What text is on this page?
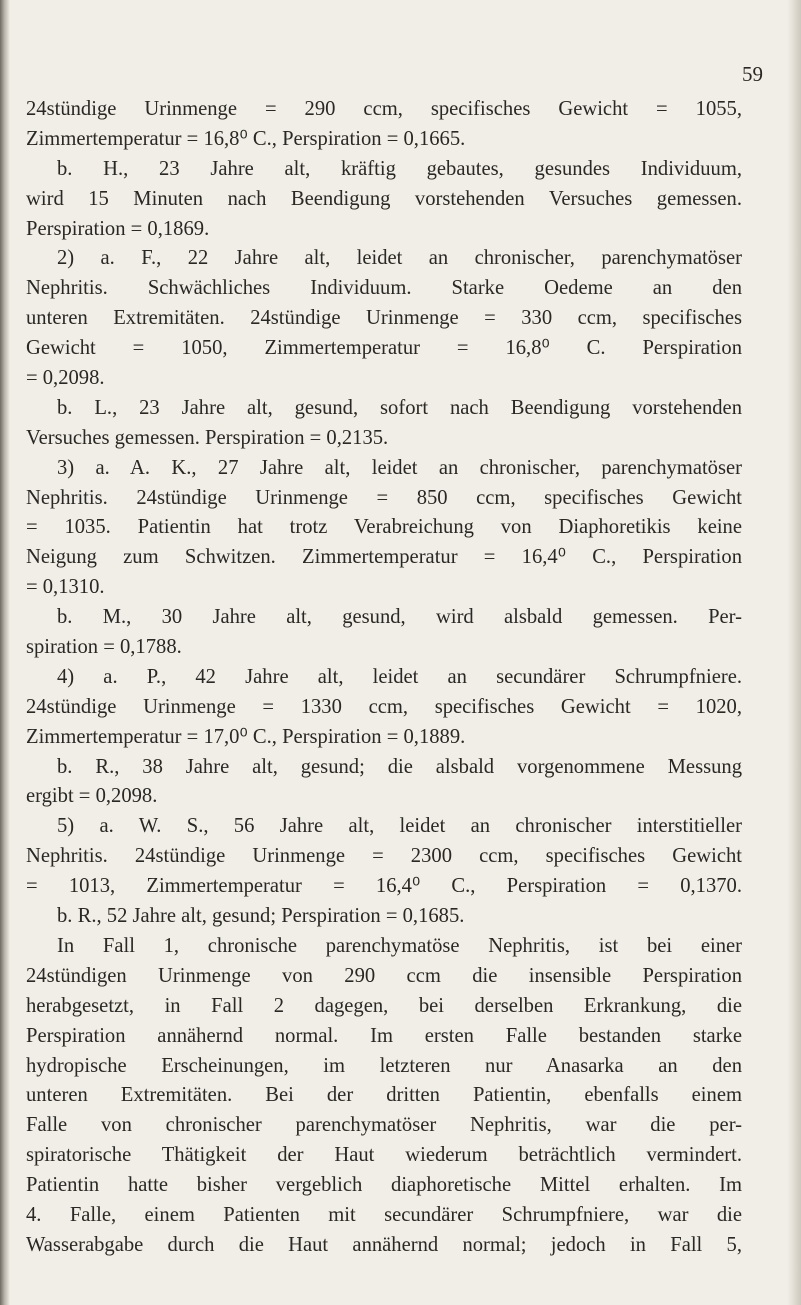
59
24stündige Urinmenge = 290 ccm, specifisches Gewicht = 1055,
Zimmertemperatur = 16,8⁰ C., Perspiration = 0,1665.
b. H., 23 Jahre alt, kräftig gebautes, gesundes Individuum,
wird 15 Minuten nach Beendigung vorstehenden Versuches gemessen.
Perspiration = 0,1869.
2) a. F., 22 Jahre alt, leidet an chronischer, parenchymatöser
Nephritis. Schwächliches Individuum. Starke Oedeme an den
unteren Extremitäten. 24stündige Urinmenge = 330 ccm, specifisches
Gewicht = 1050, Zimmertemperatur = 16,8⁰ C. Perspiration
= 0,2098.
b. L., 23 Jahre alt, gesund, sofort nach Beendigung vorstehenden
Versuches gemessen. Perspiration = 0,2135.
3) a. A. K., 27 Jahre alt, leidet an chronischer, parenchymatöser
Nephritis. 24stündige Urinmenge = 850 ccm, specifisches Gewicht
= 1035. Patientin hat trotz Verabreichung von Diaphoretikis keine
Neigung zum Schwitzen. Zimmertemperatur = 16,4⁰ C., Perspiration
= 0,1310.
b. M., 30 Jahre alt, gesund, wird alsbald gemessen. Per-
spiration = 0,1788.
4) a. P., 42 Jahre alt, leidet an secundärer Schrumpfniere.
24stündige Urinmenge = 1330 ccm, specifisches Gewicht = 1020,
Zimmertemperatur = 17,0⁰ C., Perspiration = 0,1889.
b. R., 38 Jahre alt, gesund; die alsbald vorgenommene Messung
ergibt = 0,2098.
5) a. W. S., 56 Jahre alt, leidet an chronischer interstitieller
Nephritis. 24stündige Urinmenge = 2300 ccm, specifisches Gewicht
= 1013, Zimmertemperatur = 16,4⁰ C., Perspiration = 0,1370.
b. R., 52 Jahre alt, gesund; Perspiration = 0,1685.
In Fall 1, chronische parenchymatöse Nephritis, ist bei einer
24stündigen Urinmenge von 290 ccm die insensible Perspiration
herabgesetzt, in Fall 2 dagegen, bei derselben Erkrankung, die
Perspiration annähernd normal. Im ersten Falle bestanden starke
hydropische Erscheinungen, im letzteren nur Anasarka an den
unteren Extremitäten. Bei der dritten Patientin, ebenfalls einem
Falle von chronischer parenchymatöser Nephritis, war die per-
spiratorische Thätigkeit der Haut wiederum beträchtlich vermindert.
Patientin hatte bisher vergeblich diaphoretische Mittel erhalten. Im
4. Falle, einem Patienten mit secundärer Schrumpfniere, war die
Wasserabgabe durch die Haut annähernd normal; jedoch in Fall 5,
